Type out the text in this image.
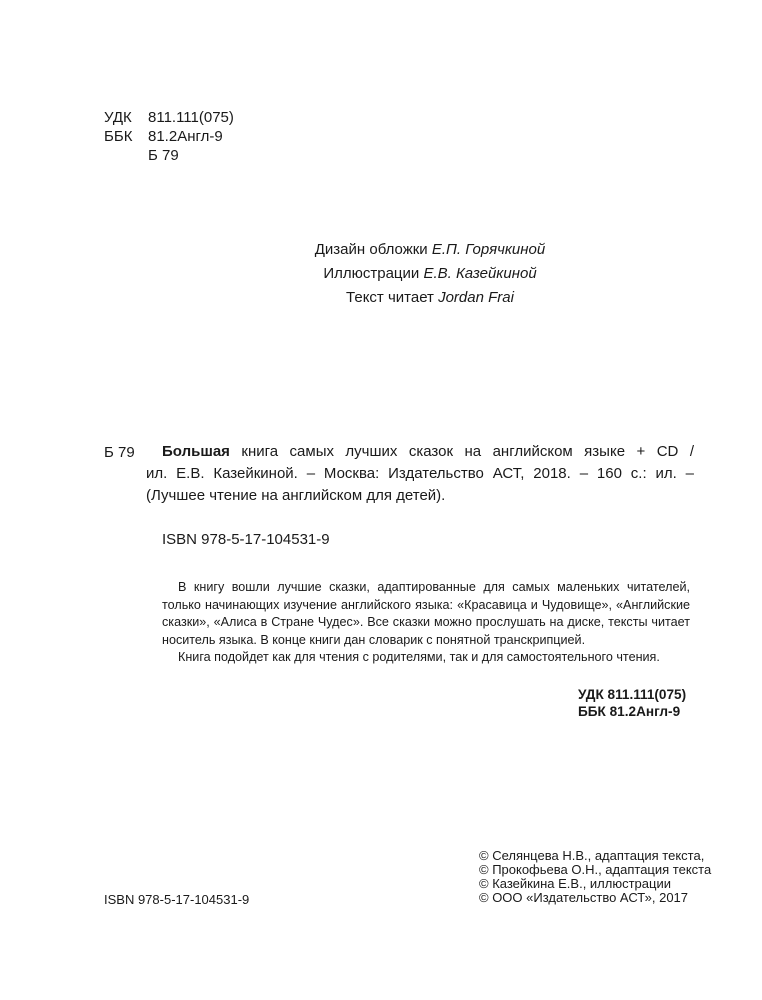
УДК 811.111(075)
ББК 81.2Англ-9
Б 79
Дизайн обложки Е.П. Горячкиной
Иллюстрации Е.В. Казейкиной
Текст читает Jordan Frai
Б 79 Большая книга самых лучших сказок на английском языке + CD /
ил. Е.В. Казейкиной. – Москва: Издательство АСТ, 2018. – 160 с.: ил. –
(Лучшее чтение на английском для детей).
ISBN 978-5-17-104531-9
В книгу вошли лучшие сказки, адаптированные для самых маленьких читателей,
только начинающих изучение английского языка: «Красавица и Чудовище», «Английские
сказки», «Алиса в Стране Чудес». Все сказки можно прослушать на диске, тексты читает
носитель языка. В конце книги дан словарик с понятной транскрипцией.
Книга подойдет как для чтения с родителями, так и для самостоятельного чтения.
УДК 811.111(075)
ББК 81.2Англ-9
ISBN 978-5-17-104531-9
© Селянцева Н.В., адаптация текста,
© Прокофьева О.Н., адаптация текста
© Казейкина Е.В., иллюстрации
© ООО «Издательство АСТ», 2017
